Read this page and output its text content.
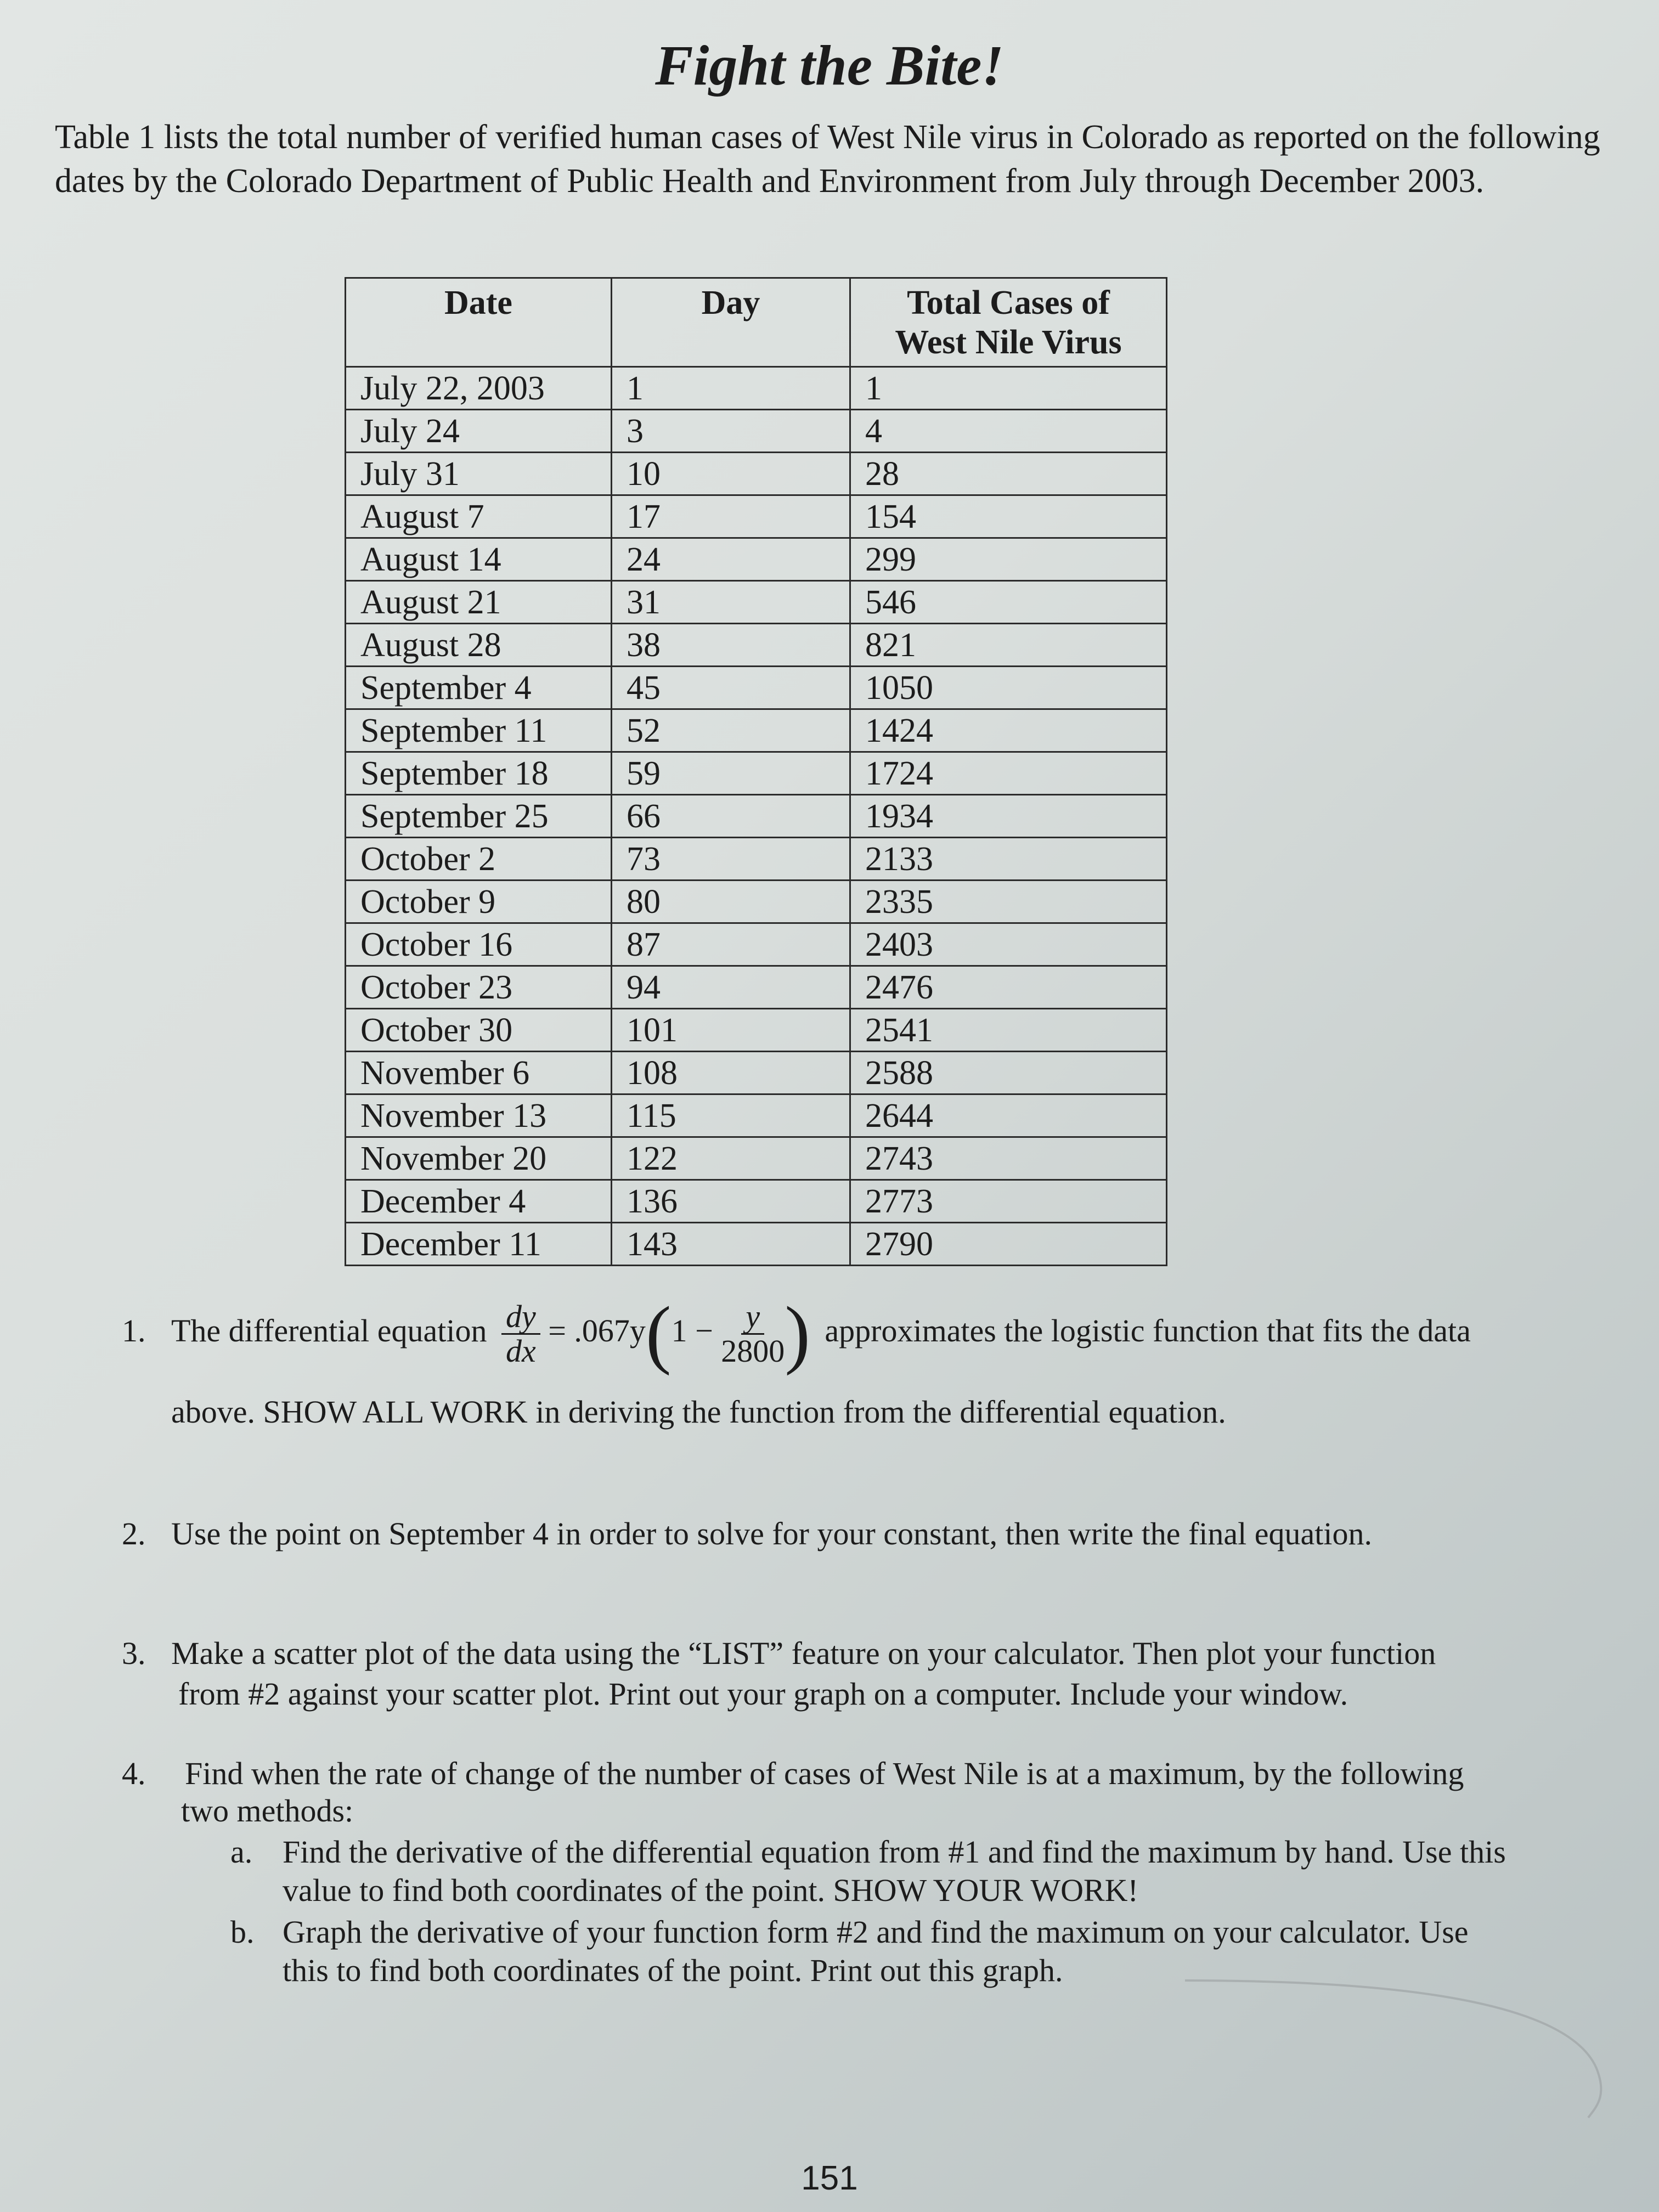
Fight the Bite!

Table 1 lists the total number of verified human cases of West Nile virus in Colorado as reported on the following dates by the Colorado Department of Public Health and Environment from July through December 2003.

Date	Day	Total Cases of
West Nile Virus
July 22, 2003	1	1
July 24	3	4
July 31	10	28
August 7	17	154
August 14	24	299
August 21	31	546
August 28	38	821
September 4	45	1050
September 11	52	1424
September 18	59	1724
September 25	66	1934
October 2	73	2133
October 9	80	2335
October 16	87	2403
October 23	94	2476
October 30	101	2541
November 6	108	2588
November 13	115	2644
November 20	122	2743
December 4	136	2773
December 11	143	2790

1. The differential equation $\frac{dy}{dx} = .067y(1 - \frac{y}{2800}$ ) approximates the logistic function that fits the data

above. SHOW ALL WORK in deriving the function from the differential equation.

2. Use the point on September 4 in order to solve for your constant, then write the final equation.

3. Make a scatter plot of the data using the “LIST” feature on your calculator. Then plot your function

from #2 against your scatter plot. Print out your graph on a computer. Include your window.

4. Find when the rate of change of the number of cases of West Nile is at a maximum, by the following

two methods:

a. Find the derivative of the differential equation from #1 and find the maximum by hand. Use this

value to find both coordinates of the point. SHOW YOUR WORK!

b. Graph the derivative of your function form #2 and find the maximum on your calculator. Use

this to find both coordinates of the point. Print out this graph.

151
